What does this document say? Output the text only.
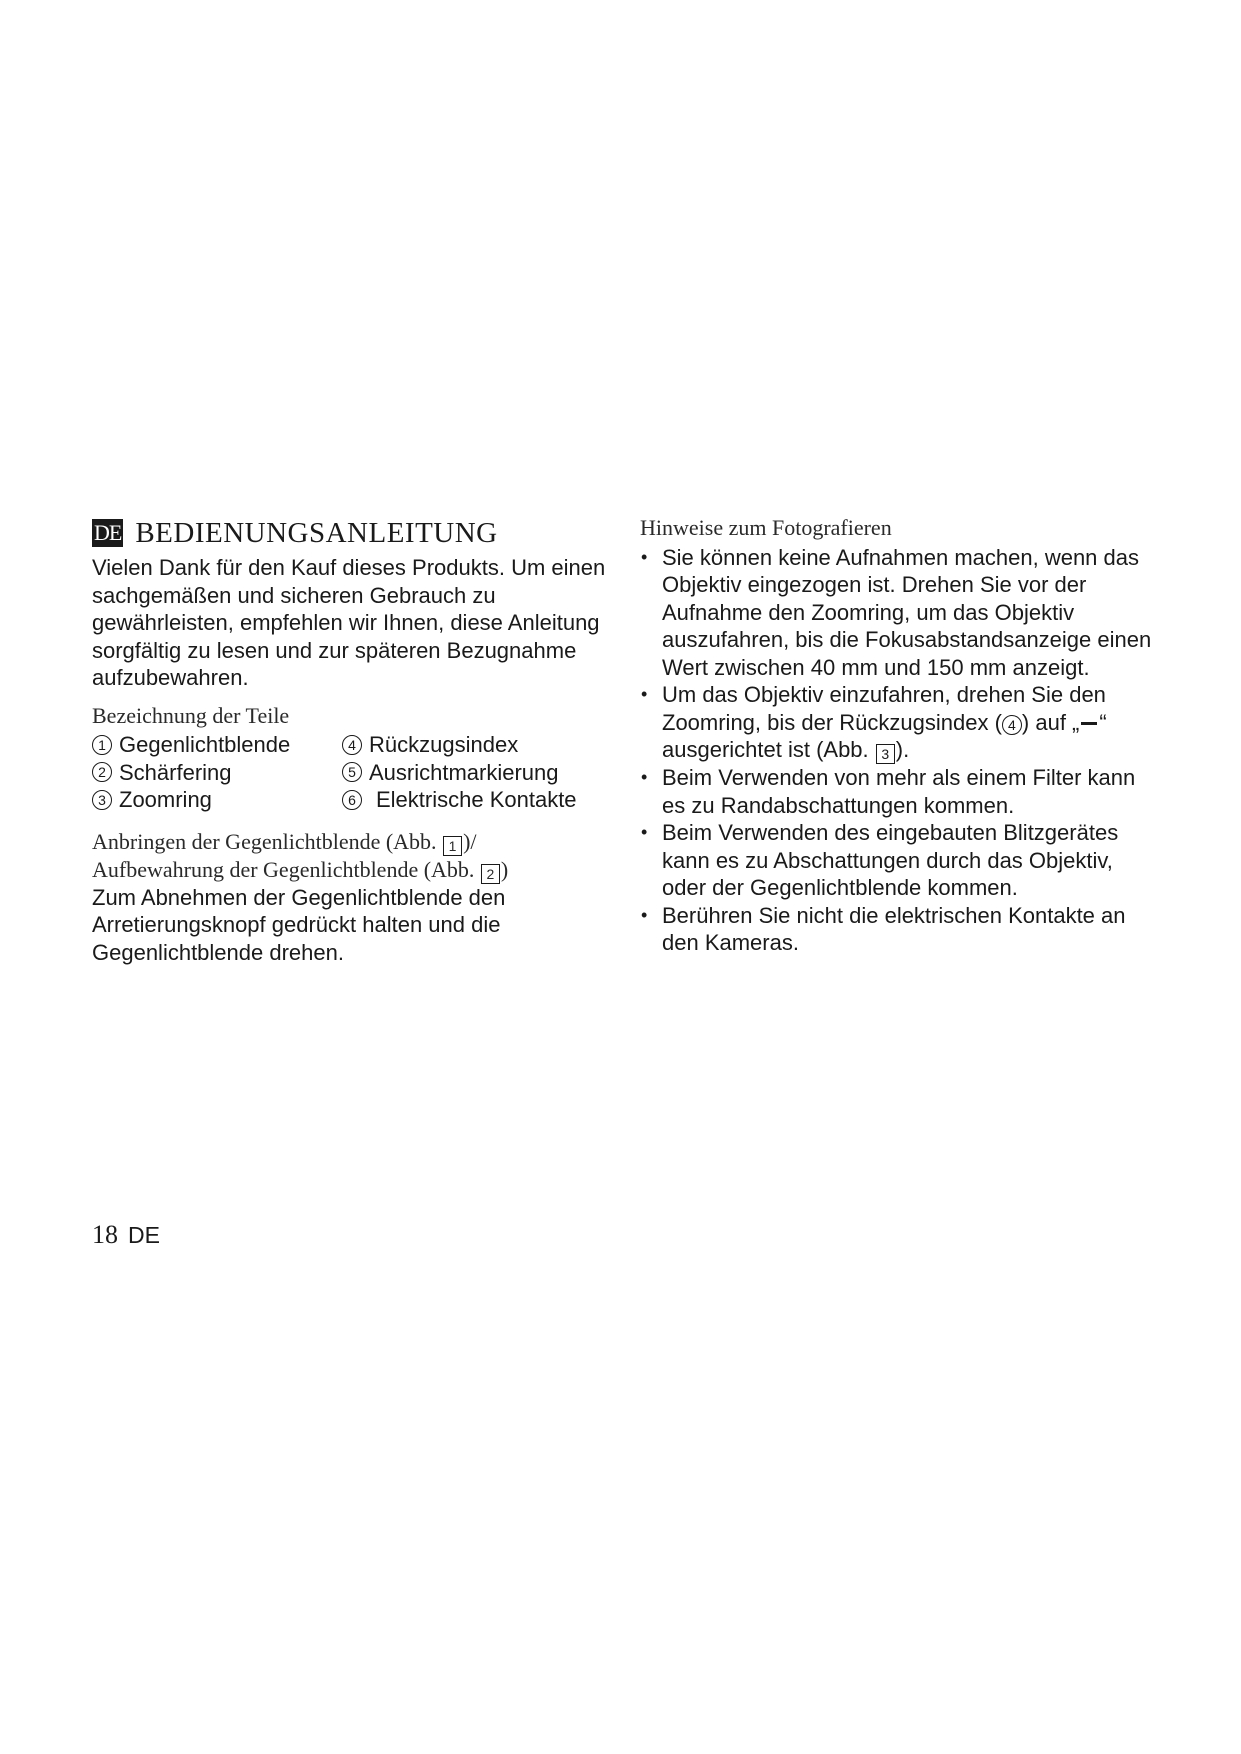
DE BEDIENUNGSANLEITUNG
Vielen Dank für den Kauf dieses Produkts. Um einen sachgemäßen und sicheren Gebrauch zu gewährleisten, empfehlen wir Ihnen, diese Anleitung sorgfältig zu lesen und zur späteren Bezugnahme aufzubewahren.
Bezeichnung der Teile
1 Gegenlichtblende	4 Rückzugsindex
2 Schärfering	5 Ausrichtmarkierung
3 Zoomring	6 Elektrische Kontakte
Anbringen der Gegenlichtblende (Abb. 1 )/
Aufbewahrung der Gegenlichtblende (Abb. 2 )
Zum Abnehmen der Gegenlichtblende den Arretierungsknopf gedrückt halten und die Gegenlichtblende drehen.
Hinweise zum Fotografieren
• Sie können keine Aufnahmen machen, wenn das Objektiv eingezogen ist. Drehen Sie vor der Aufnahme den Zoomring, um das Objektiv auszufahren, bis die Fokusabstandsanzeige einen Wert zwischen 40 mm und 150 mm anzeigt.
• Um das Objektiv einzufahren, drehen Sie den Zoomring, bis der Rückzugsindex ( 4 ) auf „ “ ausgerichtet ist (Abb. 3 ).
• Beim Verwenden von mehr als einem Filter kann es zu Randabschattungen kommen.
• Beim Verwenden des eingebauten Blitzgerätes kann es zu Abschattungen durch das Objektiv, oder der Gegenlichtblende kommen.
• Berühren Sie nicht die elektrischen Kontakte an den Kameras.
18 DE
